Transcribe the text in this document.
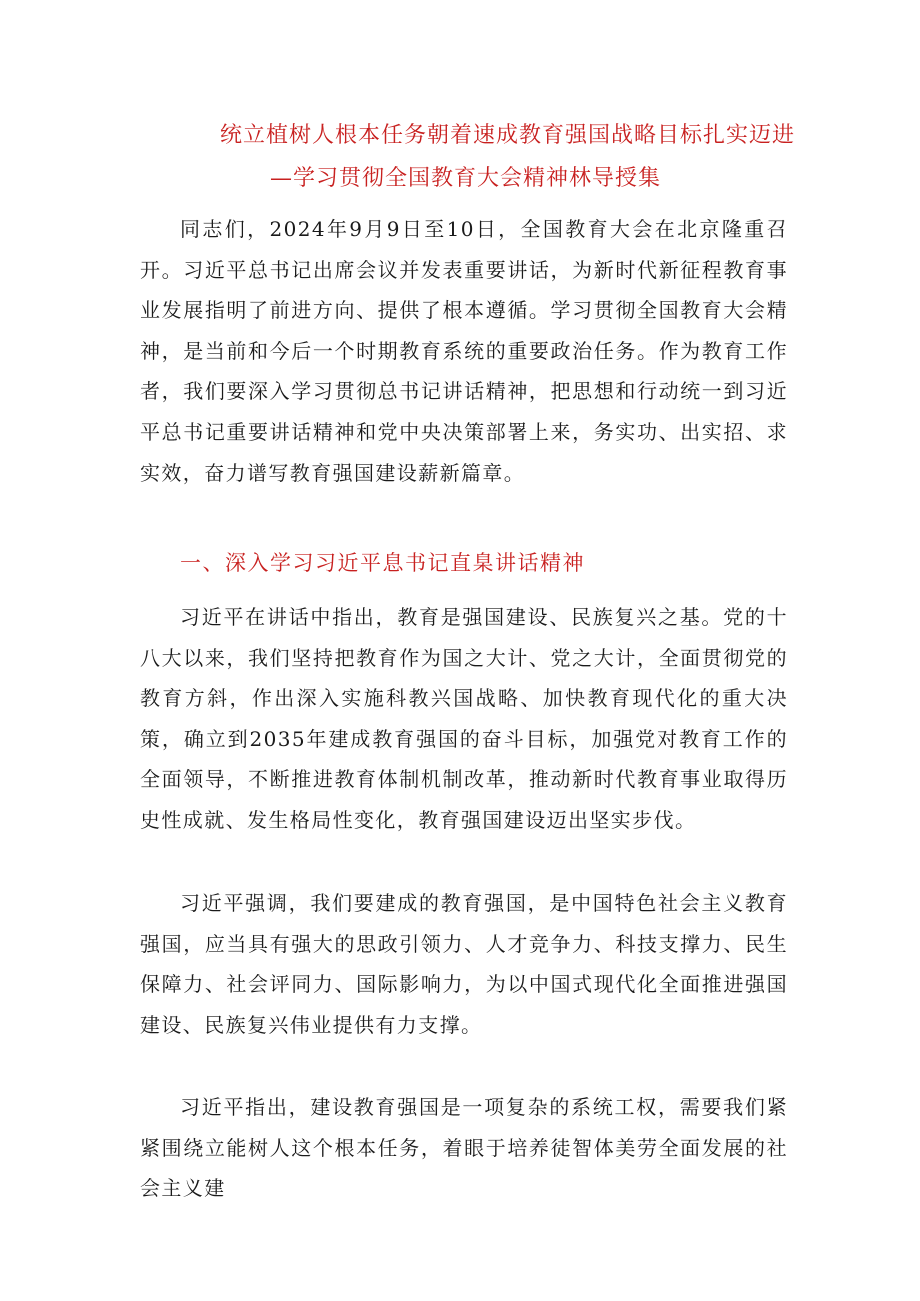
统立植树人根本任务朝着速成教育强国战略目标扎实迈进
—学习贯彻全国教育大会精神林导授集

同志们，2024年9月9日至10日，全国教育大会在北京隆重召开。习近平总书记出席会议并发表重要讲话，为新时代新征程教育事业发展指明了前进方向、提供了根本遵循。学习贯彻全国教育大会精神，是当前和今后一个时期教育系统的重要政治任务。作为教育工作者，我们要深入学习贯彻总书记讲话精神，把思想和行动统一到习近平总书记重要讲话精神和党中央决策部署上来，务实功、出实招、求实效，奋力谱写教育强国建设薪新篇章。

一、深入学习习近平息书记直臬讲话精神

习近平在讲话中指出，教育是强国建设、民族复兴之基。党的十八大以来，我们坚持把教育作为国之大计、党之大计，全面贯彻党的教育方斜，作出深入实施科教兴国战略、加快教育现代化的重大决策，确立到2035年建成教育强国的奋斗目标，加强党对教育工作的全面领导，不断推进教育体制机制改革，推动新时代教育事业取得历史性成就、发生格局性变化，教育强国建设迈出坚实步伐。

习近平强调，我们要建成的教育强国，是中国特色社会主义教育强国，应当具有强大的思政引领力、人才竞争力、科技支撑力、民生保障力、社会评同力、国际影响力，为以中国式现代化全面推进强国建设、民族复兴伟业提供有力支撑。

习近平指出，建设教育强国是一项复杂的系统工权，需要我们紧紧围绕立能树人这个根本任务，着眼于培养徒智体美劳全面发展的社会主义建
